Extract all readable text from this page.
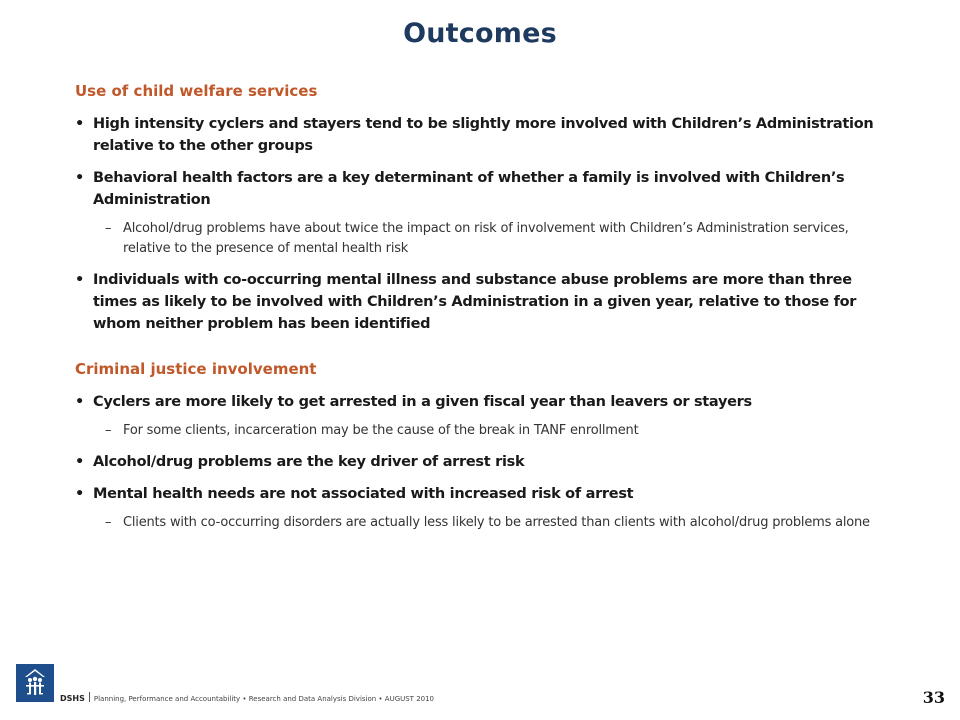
Outcomes
Use of child welfare services
• High intensity cyclers and stayers tend to be slightly more involved with Children’s Administration relative to the other groups
• Behavioral health factors are a key determinant of whether a family is involved with Children’s Administration
– Alcohol/drug problems have about twice the impact on risk of involvement with Children’s Administration services, relative to the presence of mental health risk
• Individuals with co-occurring mental illness and substance abuse problems are more than three times as likely to be involved with Children’s Administration in a given year, relative to those for whom neither problem has been identified
Criminal justice involvement
• Cyclers are more likely to get arrested in a given fiscal year than leavers or stayers
– For some clients, incarceration may be the cause of the break in TANF enrollment
• Alcohol/drug problems are the key driver of arrest risk
• Mental health needs are not associated with increased risk of arrest
– Clients with co-occurring disorders are actually less likely to be arrested than clients with alcohol/drug problems alone
DSHS Planning, Performance and Accountability • Research and Data Analysis Division • AUGUST 2010	33
